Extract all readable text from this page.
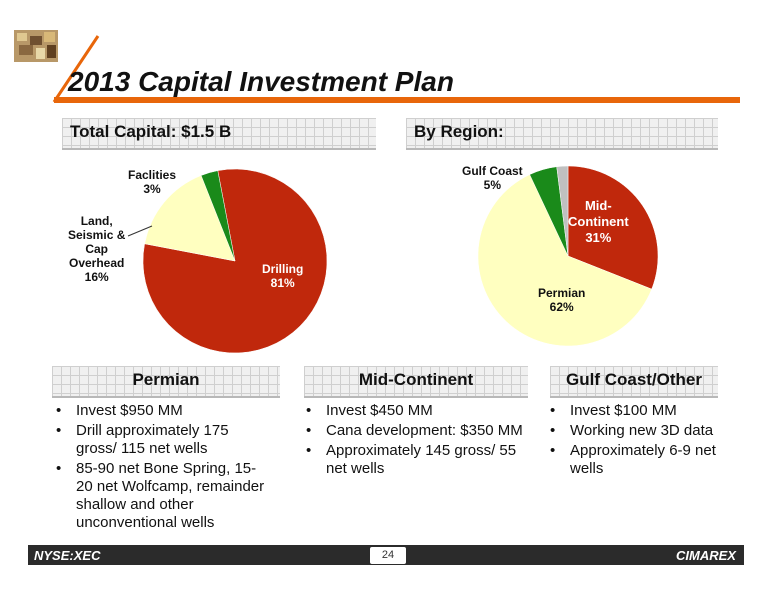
2013 Capital Investment Plan
Total Capital: $1.5 B	By Region:
Faclities
3%
Land,
Seismic &
Cap
Overhead
16%
Drilling
81%
Gulf Coast
5%
Mid-
Continent
31%
Permian
62%
Permian	Mid-Continent	Gulf Coast/Other
• Invest $950 MM
• Drill approximately 175 gross/ 115 net wells
• 85-90 net Bone Spring, 15-20 net Wolfcamp, remainder shallow and other unconventional wells
• Invest $450 MM
• Cana development: $350 MM
• Approximately 145 gross/ 55 net wells
• Invest $100 MM
• Working new 3D data
• Approximately 6-9 net wells
NYSE:XEC	24	CIMAREX
